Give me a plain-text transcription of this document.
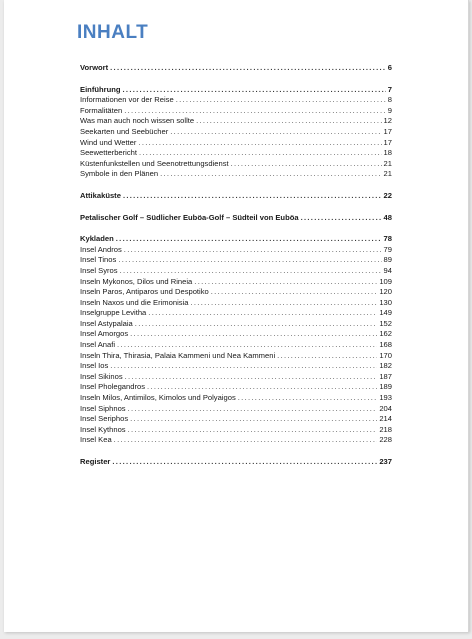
INHALT
Vorwort .....	6
Einführung .....	7
Informationen vor der Reise .....	8
Formalitäten .....	9
Was man auch noch wissen sollte .....	12
Seekarten und Seebücher .....	17
Wind und Wetter .....	17
Seewetterbericht .....	18
Küstenfunkstellen und Seenotrettungsdienst .....	21
Symbole in den Plänen .....	21
Attikaküste .....	22
Petalischer Golf – Südlicher Euböa-Golf – Südteil von Euböa .....	48
Kykladen .....	78
Insel Andros .....	79
Insel Tinos .....	89
Insel Syros .....	94
Inseln Mykonos, Dilos und Rineia .....	109
Inseln Paros, Antiparos und Despotiko .....	120
Inseln Naxos und die Erimonisia .....	130
Inselgruppe Levitha .....	149
Insel Astypalaia .....	152
Insel Amorgos .....	162
Insel Anafi .....	168
Inseln Thira, Thirasia, Palaia Kammeni und Nea Kammeni .....	170
Insel Ios .....	182
Insel Sikinos .....	187
Insel Pholegandros .....	189
Inseln Milos, Antimilos, Kimolos und Polyaigos .....	193
Insel Siphnos .....	204
Insel Seriphos .....	214
Insel Kythnos .....	218
Insel Kea .....	228
Register .....	237
